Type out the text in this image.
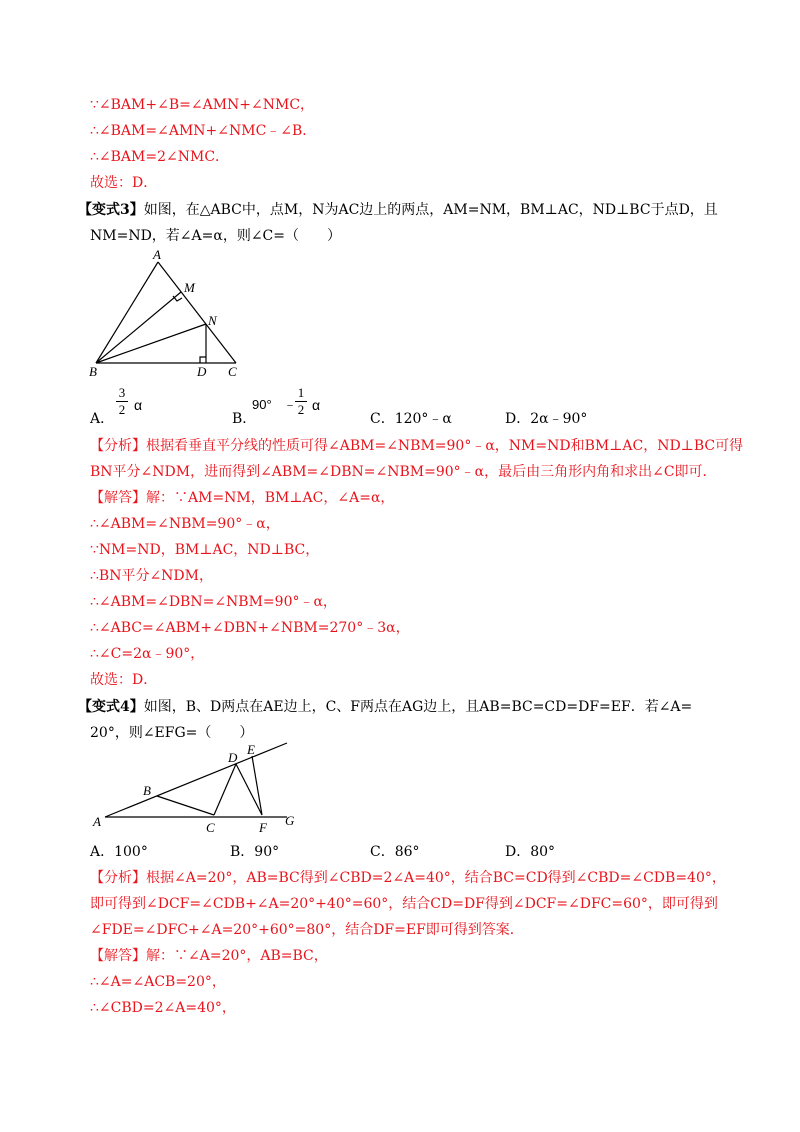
∵∠BAM+∠B=∠AMN+∠NMC，
∴∠BAM=∠AMN+∠NMC﹣∠B．
∴∠BAM=2∠NMC．
故选：D．
【变式3】如图，在△ABC中，点M，N为AC边上的两点，AM=NM，BM⊥AC，ND⊥BC于点D，且
NM=ND，若∠A=α，则∠C=（　　）
A
M
N
B	D C
A．
$\frac{3}{2}$ α
B．
90° ﹣
$\frac{1}{2}$ α
C．120°﹣α	D．2α﹣90°
【分析】根据看垂直平分线的性质可得∠ABM=∠NBM=90°﹣α，NM=ND和BM⊥AC，ND⊥BC可得
BN平分∠NDM，进而得到∠ABM=∠DBN=∠NBM=90°﹣α，最后由三角形内角和求出∠C即可．
【解答】解：∵AM=NM，BM⊥AC，∠A=α，
∴∠ABM=∠NBM=90°﹣α，
∵NM=ND，BM⊥AC，ND⊥BC，
∴BN平分∠NDM，
∴∠ABM=∠DBN=∠NBM=90°﹣α，
∴∠ABC=∠ABM+∠DBN+∠NBM=270°﹣3α，
∴∠C=2α﹣90°，
故选：D．
【变式4】如图，B、D两点在AE边上，C、F两点在AG边上，且AB=BC=CD=DF=EF．若∠A=
20°，则∠EFG=（　　）
A
B
C
D
E
F G
A．100°	B．90°	C．86°	D．80°
【分析】根据∠A=20°，AB=BC得到∠CBD=2∠A=40°，结合BC=CD得到∠CBD=∠CDB=40°，
即可得到∠DCF=∠CDB+∠A=20°+40°=60°，结合CD=DF得到∠DCF=∠DFC=60°，即可得到
∠FDE=∠DFC+∠A=20°+60°=80°，结合DF=EF即可得到答案．
【解答】解：∵∠A=20°，AB=BC，
∴∠A=∠ACB=20°，
∴∠CBD=2∠A=40°，
